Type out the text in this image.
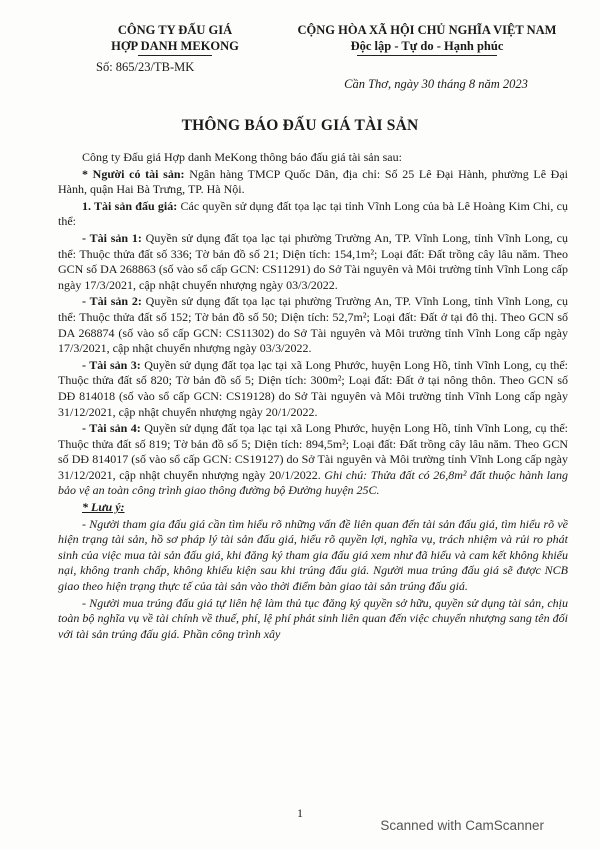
CÔNG TY ĐẤU GIÁ
HỢP DANH MEKONG
Số: 865/23/TB-MK
CỘNG HÒA XÃ HỘI CHỦ NGHĨA VIỆT NAM
Độc lập - Tự do - Hạnh phúc
Cần Thơ, ngày 30 tháng 8 năm 2023
THÔNG BÁO ĐẤU GIÁ TÀI SẢN

Công ty Đấu giá Hợp danh MeKong thông báo đấu giá tài sản sau:

* Người có tài sản: Ngân hàng TMCP Quốc Dân, địa chỉ: Số 25 Lê Đại Hành, phường Lê Đại Hành, quận Hai Bà Trưng, TP. Hà Nội.

1. Tài sản đấu giá: Các quyền sử dụng đất tọa lạc tại tỉnh Vĩnh Long của bà Lê Hoàng Kim Chi, cụ thể:

- Tài sản 1: Quyền sử dụng đất tọa lạc tại phường Trường An, TP. Vĩnh Long, tỉnh Vĩnh Long, cụ thể: Thuộc thửa đất số 336; Tờ bản đồ số 21; Diện tích: 154,1m²; Loại đất: Đất trồng cây lâu năm. Theo GCN số DA 268863 (số vào sổ cấp GCN: CS11291) do Sở Tài nguyên và Môi trường tỉnh Vĩnh Long cấp ngày 17/3/2021, cập nhật chuyển nhượng ngày 03/3/2022.

- Tài sản 2: Quyền sử dụng đất tọa lạc tại phường Trường An, TP. Vĩnh Long, tỉnh Vĩnh Long, cụ thể: Thuộc thửa đất số 152; Tờ bản đồ số 50; Diện tích: 52,7m²; Loại đất: Đất ở tại đô thị. Theo GCN số DA 268874 (số vào sổ cấp GCN: CS11302) do Sở Tài nguyên và Môi trường tỉnh Vĩnh Long cấp ngày 17/3/2021, cập nhật chuyển nhượng ngày 03/3/2022.

- Tài sản 3: Quyền sử dụng đất tọa lạc tại xã Long Phước, huyện Long Hồ, tỉnh Vĩnh Long, cụ thể: Thuộc thửa đất số 820; Tờ bản đồ số 5; Diện tích: 300m²; Loại đất: Đất ở tại nông thôn. Theo GCN số DĐ 814018 (số vào sổ cấp GCN: CS19128) do Sở Tài nguyên và Môi trường tỉnh Vĩnh Long cấp ngày 31/12/2021, cập nhật chuyển nhượng ngày 20/1/2022.

- Tài sản 4: Quyền sử dụng đất tọa lạc tại xã Long Phước, huyện Long Hồ, tỉnh Vĩnh Long, cụ thể: Thuộc thửa đất số 819; Tờ bản đồ số 5; Diện tích: 894,5m²; Loại đất: Đất trồng cây lâu năm. Theo GCN số DĐ 814017 (số vào sổ cấp GCN: CS19127) do Sở Tài nguyên và Môi trường tỉnh Vĩnh Long cấp ngày 31/12/2021, cập nhật chuyển nhượng ngày 20/1/2022. Ghi chú: Thửa đất có 26,8m² đất thuộc hành lang bảo vệ an toàn công trình giao thông đường bộ Đường huyện 25C.

* Lưu ý:

- Người tham gia đấu giá cần tìm hiểu rõ những vấn đề liên quan đến tài sản đấu giá, tìm hiểu rõ về hiện trạng tài sản, hồ sơ pháp lý tài sản đấu giá, hiểu rõ quyền lợi, nghĩa vụ, trách nhiệm và rủi ro phát sinh của việc mua tài sản đấu giá, khi đăng ký tham gia đấu giá xem như đã hiểu và cam kết không khiếu nại, không tranh chấp, không khiếu kiện sau khi trúng đấu giá. Người mua trúng đấu giá sẽ được NCB giao theo hiện trạng thực tế của tài sản vào thời điểm bàn giao tài sản trúng đấu giá.

- Người mua trúng đấu giá tự liên hệ làm thủ tục đăng ký quyền sở hữu, quyền sử dụng tài sản, chịu toàn bộ nghĩa vụ về tài chính về thuế, phí, lệ phí phát sinh liên quan đến việc chuyển nhượng sang tên đối với tài sản trúng đấu giá. Phần công trình xây

1
Scanned with CamScanner
